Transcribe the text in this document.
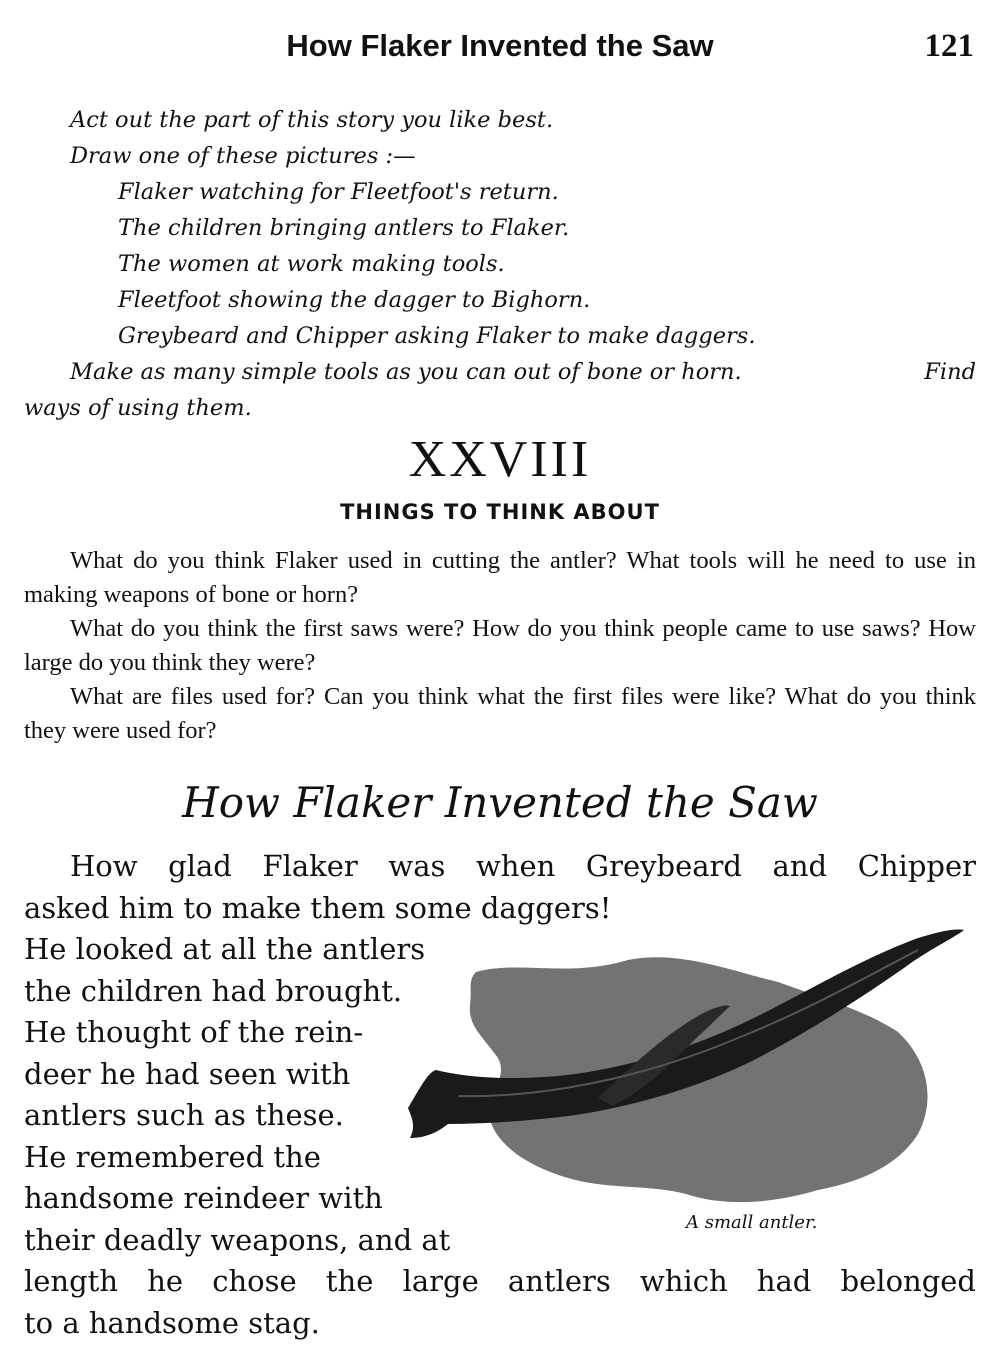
How Flaker Invented the Saw	121
Act out the part of this story you like best.
Draw one of these pictures :—
Flaker watching for Fleetfoot's return.
The children bringing antlers to Flaker.
The women at work making tools.
Fleetfoot showing the dagger to Bighorn.
Greybeard and Chipper asking Flaker to make daggers.
Make as many simple tools as you can out of bone or horn.	Find
ways of using them.
XXVIII
THINGS TO THINK ABOUT

What do you think Flaker used in cutting the antler? What tools will he need to use in making weapons of bone or horn?

What do you think the first saws were? How do you think people came to use saws? How large do you think they were?

What are files used for? Can you think what the first files were like? What do you think they were used for?

How Flaker Invented the Saw
How glad Flaker was when Greybeard and Chipper
asked him to make them some daggers!
He looked at all the antlers
the children had brought.
He thought of the rein-
deer he had seen with
antlers such as these.
He remembered the
handsome reindeer with
their deadly weapons, and at
length he chose the large antlers which had belonged
to a handsome stag.
A small antler.
